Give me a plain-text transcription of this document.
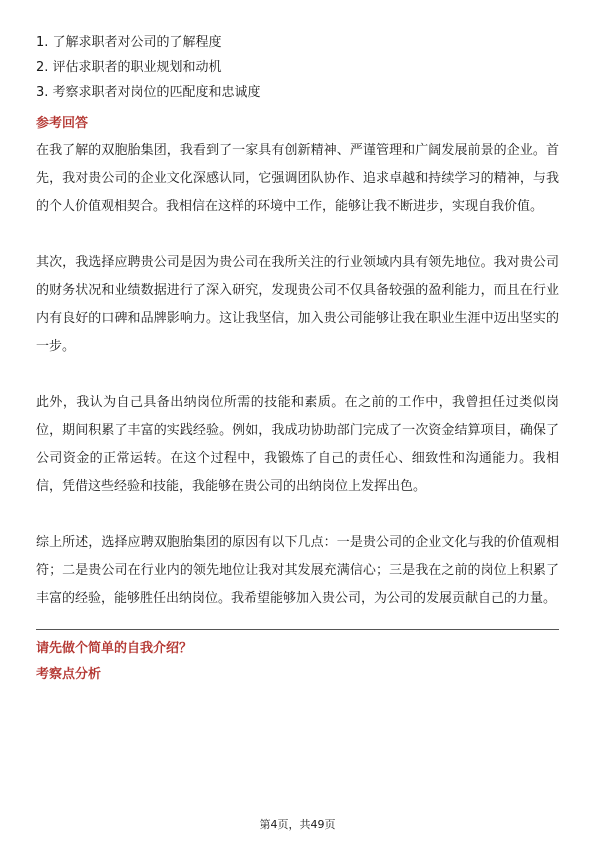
1. 了解求职者对公司的了解程度
2. 评估求职者的职业规划和动机
3. 考察求职者对岗位的匹配度和忠诚度
参考回答

在我了解的双胞胎集团，我看到了一家具有创新精神、严谨管理和广阔发展前景的企业。首先，我对贵公司的企业文化深感认同，它强调团队协作、追求卓越和持续学习的精神，与我的个人价值观相契合。我相信在这样的环境中工作，能够让我不断进步，实现自我价值。

其次，我选择应聘贵公司是因为贵公司在我所关注的行业领域内具有领先地位。我对贵公司的财务状况和业绩数据进行了深入研究，发现贵公司不仅具备较强的盈利能力，而且在行业内有良好的口碑和品牌影响力。这让我坚信，加入贵公司能够让我在职业生涯中迈出坚实的一步。

此外，我认为自己具备出纳岗位所需的技能和素质。在之前的工作中，我曾担任过类似岗位，期间积累了丰富的实践经验。例如，我成功协助部门完成了一次资金结算项目，确保了公司资金的正常运转。在这个过程中，我锻炼了自己的责任心、细致性和沟通能力。我相信，凭借这些经验和技能，我能够在贵公司的出纳岗位上发挥出色。

综上所述，选择应聘双胞胎集团的原因有以下几点：一是贵公司的企业文化与我的价值观相符；二是贵公司在行业内的领先地位让我对其发展充满信心；三是我在之前的岗位上积累了丰富的经验，能够胜任出纳岗位。我希望能够加入贵公司，为公司的发展贡献自己的力量。

请先做个简单的自我介绍？
考察点分析
第4页，共49页
